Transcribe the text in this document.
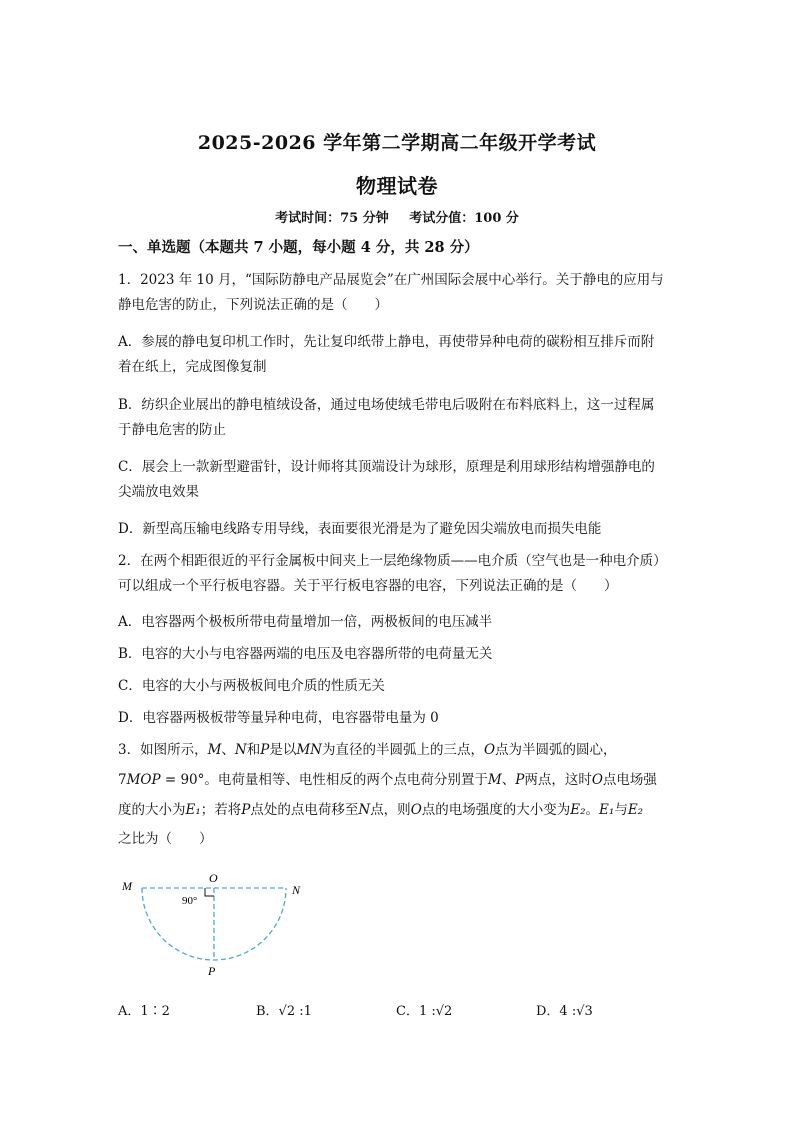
2025-2026 学年第二学期高二年级开学考试
物理试卷
考试时间：75 分钟 考试分值：100 分
一、单选题（本题共 7 小题，每小题 4 分，共 28 分）
1．2023 年 10 月，“国际防静电产品展览会”在广州国际会展中心举行。关于静电的应用与
静电危害的防止，下列说法正确的是（　　）
A．参展的静电复印机工作时，先让复印纸带上静电，再使带异种电荷的碳粉相互排斥而附
着在纸上，完成图像复制
B．纺织企业展出的静电植绒设备，通过电场使绒毛带电后吸附在布料底料上，这一过程属
于静电危害的防止
C．展会上一款新型避雷针，设计师将其顶端设计为球形，原理是利用球形结构增强静电的
尖端放电效果
D．新型高压输电线路专用导线，表面要很光滑是为了避免因尖端放电而损失电能
2．在两个相距很近的平行金属板中间夹上一层绝缘物质——电介质（空气也是一种电介质）
可以组成一个平行板电容器。关于平行板电容器的电容，下列说法正确的是（　　）
A．电容器两个极板所带电荷量增加一倍，两极板间的电压减半
B．电容的大小与电容器两端的电压及电容器所带的电荷量无关
C．电容的大小与两极板间电介质的性质无关
D．电容器两极板带等量异种电荷，电容器带电量为 0
3．如图所示，M、N和P是以MN为直径的半圆弧上的三点，O点为半圆弧的圆心，
7MOP = 90°。电荷量相等、电性相反的两个点电荷分别置于M、P两点，这时O点电场强
度的大小为E₁；若将P点处的点电荷移至N点，则O点的电场强度的大小变为E₂。E₁与E₂
之比为（　　）
M	N
O
P
90°
A．1∶2	B．√2 :1	C．1 :√2	D．4 :√3
